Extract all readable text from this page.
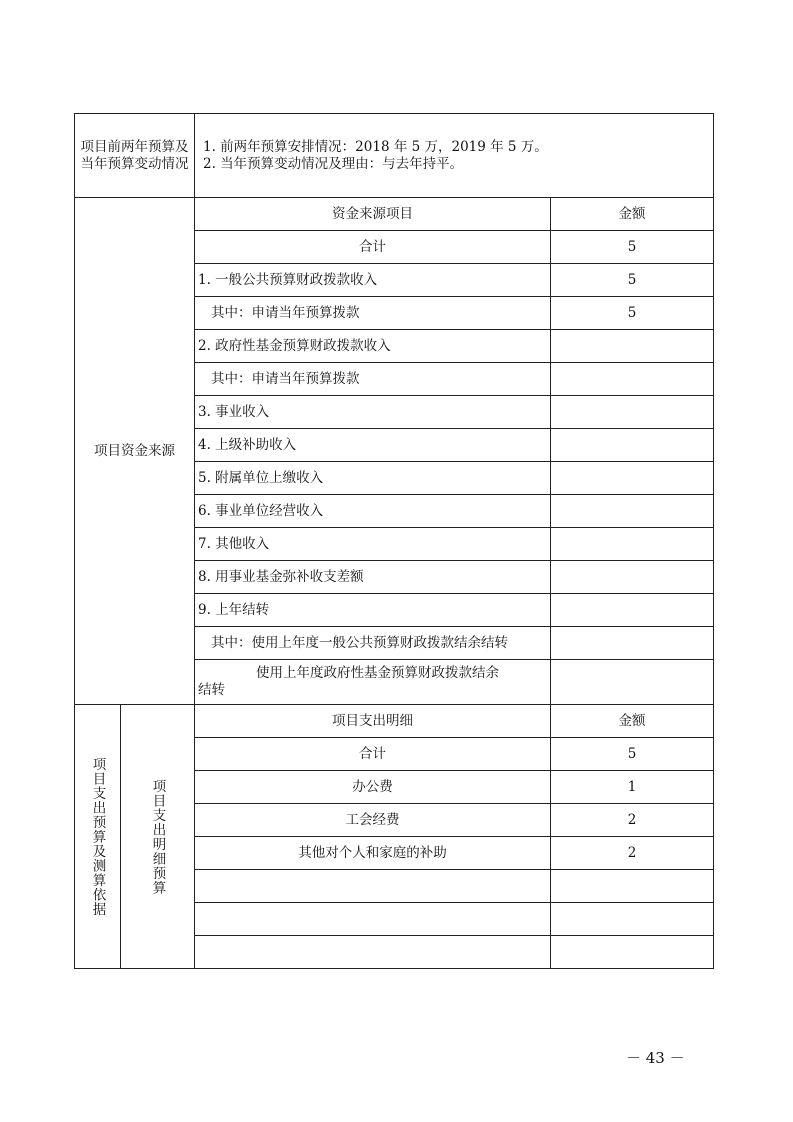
项目前两年预算及当年预算变动情况		1. 前两年预算安排情况：2018 年 5 万，2019 年 5 万。
2. 当年预算变动情况及理由：与去年持平。	

项目资金来源		资金来源项目	金额
		合计	5
		1. 一般公共预算财政拨款收入	5
		其中：申请当年预算拨款	5
		2. 政府性基金预算财政拨款收入	
		其中：申请当年预算拨款	
		3. 事业收入	
		4. 上级补助收入	
		5. 附属单位上缴收入	
		6. 事业单位经营收入	
		7. 其他收入	
		8. 用事业基金弥补收支差额	
		9. 上年结转	
		其中：使用上年度一般公共预算财政拨款结余结转	

		使用上年度政府性基金预算财政拨款结余
结转	

项目支出预算及测算依据	项目支出明细预算	项目支出明细	金额
		合计	5
		办公费	1
		工会经费	2
		其他对个人和家庭的补助	2

－ 43 －
